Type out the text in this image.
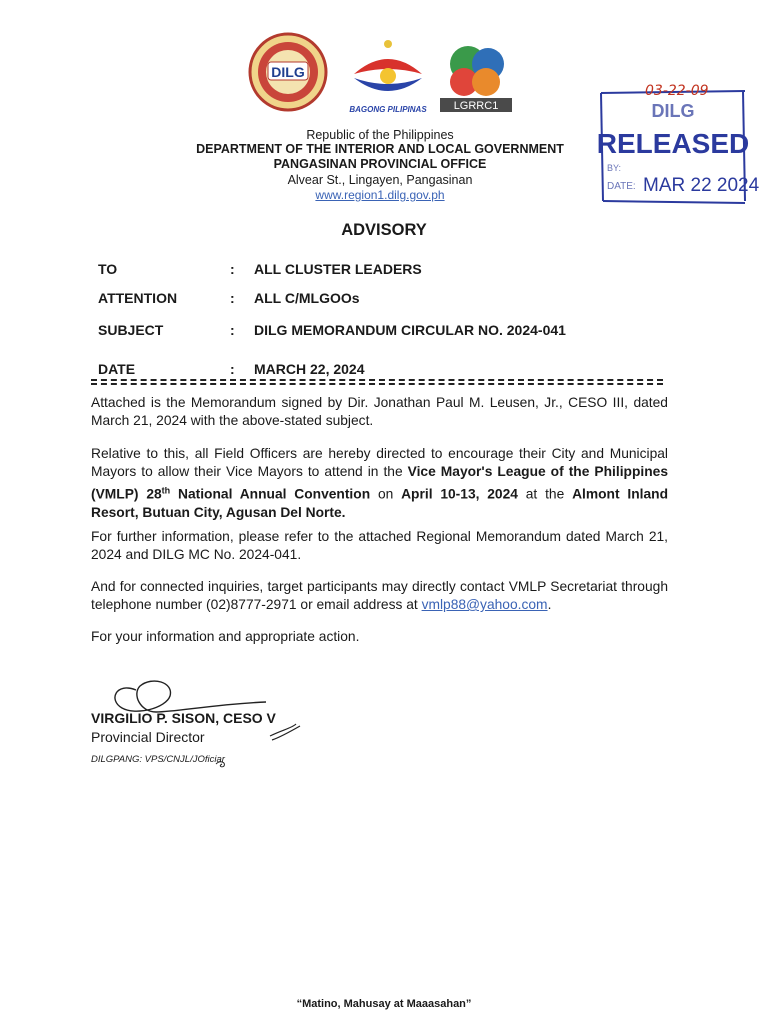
DILG
BAGONG PILIPINAS LGRRC1
Republic of the Philippines
DEPARTMENT OF THE INTERIOR AND LOCAL GOVERNMENT
PANGASINAN PROVINCIAL OFFICE
Alvear St., Lingayen, Pangasinan
www.region1.dilg.gov.ph
03-22-09
DILG
RELEASED
BY:
DATE: MAR 22 2024
ADVISORY
TO	: ALL CLUSTER LEADERS
ATTENTION	: ALL C/MLGOOs
SUBJECT	: DILG MEMORANDUM CIRCULAR NO. 2024-041
DATE	: MARCH 22, 2024
Attached is the Memorandum signed by Dir. Jonathan Paul M. Leusen, Jr., CESO III, dated March 21, 2024 with the above-stated subject.
Relative to this, all Field Officers are hereby directed to encourage their City and Municipal Mayors to allow their Vice Mayors to attend in the Vice Mayor's League of the Philippines (VMLP) 28th National Annual Convention on April 10-13, 2024 at the Almont Inland Resort, Butuan City, Agusan Del Norte.
For further information, please refer to the attached Regional Memorandum dated March 21, 2024 and DILG MC No. 2024-041.
And for connected inquiries, target participants may directly contact VMLP Secretariat through telephone number (02)8777-2971 or email address at vmlp88@yahoo.com.
For your information and appropriate action.
VIRGILIO P. SISON, CESO V
Provincial Director
DILGPANG: VPS/CNJL/JOficiar
“Matino, Mahusay at Maaasahan”
